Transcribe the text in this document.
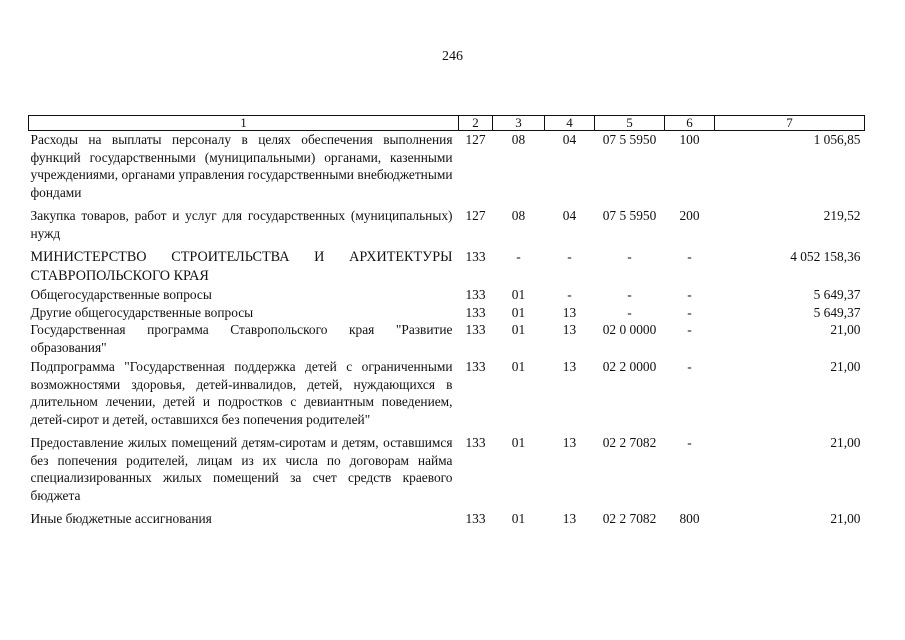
246
1	2	3	4	5	6	7
Расходы на выплаты персоналу в целях обеспечения выполнения функций государственными (муниципальными) органами, казенными учреждениями, органами управления государственными внебюджетными фондами	127	08	04	07 5 5950	100	1 056,85
Закупка товаров, работ и услуг для государственных (муниципальных) нужд	127	08	04	07 5 5950	200	219,52
МИНИСТЕРСТВО СТРОИТЕЛЬСТВА И АРХИТЕКТУРЫ СТАВРОПОЛЬСКОГО КРАЯ	133	-	-	-	-	4 052 158,36
Общегосударственные вопросы	133	01	-	-	-	5 649,37
Другие общегосударственные вопросы	133	01	13	-	-	5 649,37
Государственная программа Ставропольского края "Развитие образования"	133	01	13	02 0 0000	-	21,00
Подпрограмма "Государственная поддержка детей с ограниченными возможностями здоровья, детей-инвалидов, детей, нуждающихся в длительном лечении, детей и подростков с девиантным поведением, детей-сирот и детей, оставшихся без попечения родителей"	133	01	13	02 2 0000	-	21,00
Предоставление жилых помещений детям-сиротам и детям, оставшимся без попечения родителей, лицам из их числа по договорам найма специализированных жилых помещений за счет средств краевого бюджета	133	01	13	02 2 7082	-	21,00
Иные бюджетные ассигнования	133	01	13	02 2 7082	800	21,00
